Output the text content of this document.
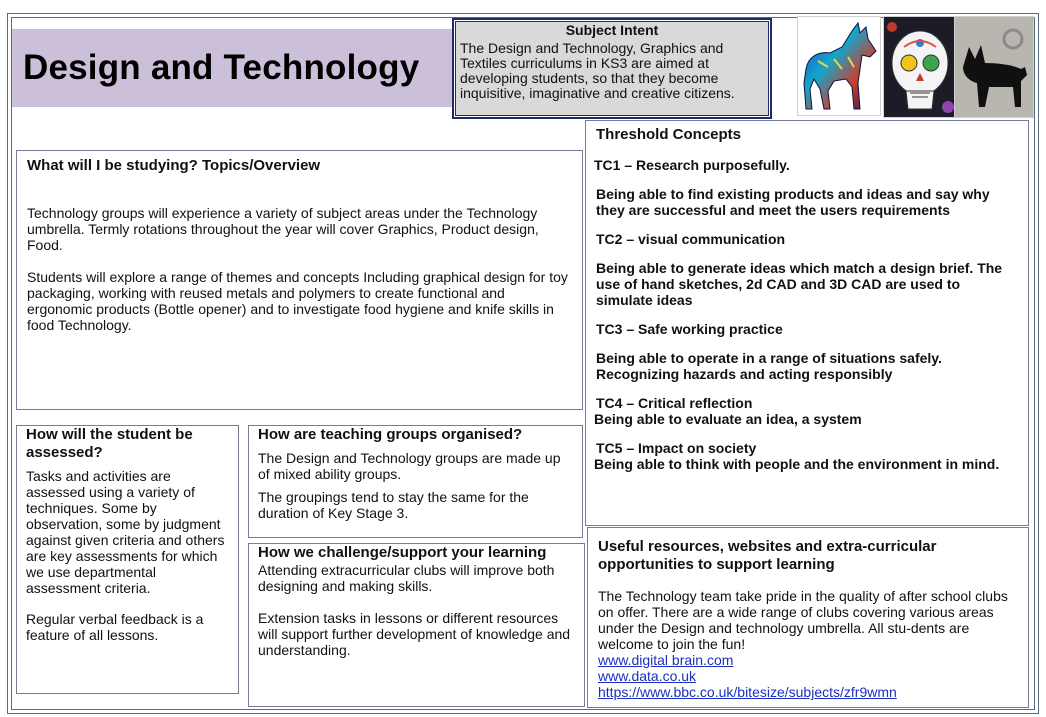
Design and Technology
Subject Intent

The Design and Technology, Graphics and Textiles curriculums in KS3 are aimed at developing students, so that they become inquisitive, imaginative and creative citizens.

What will I be studying? Topics/Overview

Technology groups will experience a variety of subject areas under the Technology umbrella. Termly rotations throughout the year will cover Graphics, Product design, Food.

Students will explore a range of themes and concepts Including graphical design for toy packaging, working with reused metals and polymers to create functional and ergonomic products (Bottle opener) and to investigate food hygiene and knife skills in food Technology.

Threshold Concepts

TC1 – Research purposefully.

Being able to find existing products and ideas and say why they are successful and meet the users requirements

TC2 – visual communication

Being able to generate ideas which match a design brief. The use of hand sketches, 2d CAD and 3D CAD are used to simulate ideas

TC3 – Safe working practice

Being able to operate in a range of situations safely. Recognizing hazards and acting responsibly

TC4 – Critical reflection

Being able to evaluate an idea, a system

TC5 – Impact on society

Being able to think with people and the environment in mind.

How will the student be assessed?

Tasks and activities are assessed using a variety of techniques. Some by observation, some by judgment against given criteria and others are key assessments for which we use departmental assessment criteria.

Regular verbal feedback is a feature of all lessons.

How are teaching groups organised?

The Design and Technology groups are made up of mixed ability groups.

The groupings tend to stay the same for the duration of Key Stage 3.

How we challenge/support your learning

Attending extracurricular clubs will improve both designing and making skills.

Extension tasks in lessons or different resources will support further development of knowledge and understanding.

Useful resources, websites and extra-curricular opportunities to support learning

The Technology team take pride in the quality of after school clubs on offer. There are a wide range of clubs covering various areas under the Design and technology umbrella. All stu-dents are welcome to join the fun!

www.digital brain.com
www.data.co.uk
https://www.bbc.co.uk/bitesize/subjects/zfr9wmn
